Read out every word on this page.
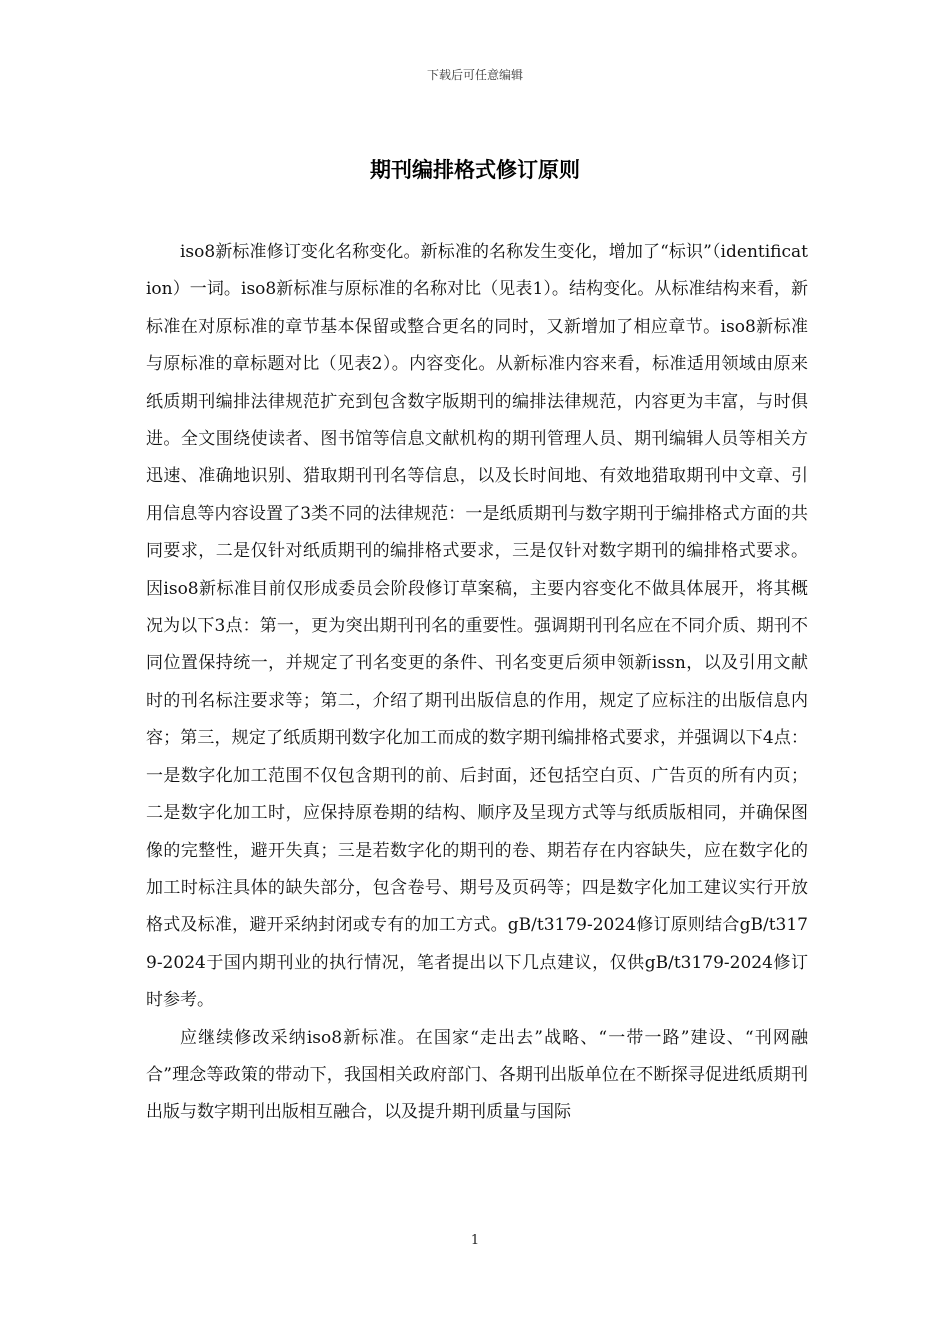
下载后可任意编辑
期刊编排格式修订原则

iso8新标准修订变化名称变化。新标准的名称发生变化，增加了“标识”（identification）一词。iso8新标准与原标准的名称对比（见表1）。结构变化。从标准结构来看，新标准在对原标准的章节基本保留或整合更名的同时，又新增加了相应章节。iso8新标准与原标准的章标题对比（见表2）。内容变化。从新标准内容来看，标准适用领域由原来纸质期刊编排法律规范扩充到包含数字版期刊的编排法律规范，内容更为丰富，与时俱进。全文围绕使读者、图书馆等信息文献机构的期刊管理人员、期刊编辑人员等相关方迅速、准确地识别、猎取期刊刊名等信息，以及长时间地、有效地猎取期刊中文章、引用信息等内容设置了3类不同的法律规范：一是纸质期刊与数字期刊于编排格式方面的共同要求，二是仅针对纸质期刊的编排格式要求，三是仅针对数字期刊的编排格式要求。因iso8新标准目前仅形成委员会阶段修订草案稿，主要内容变化不做具体展开，将其概况为以下3点：第一，更为突出期刊刊名的重要性。强调期刊刊名应在不同介质、期刊不同位置保持统一，并规定了刊名变更的条件、刊名变更后须申领新issn，以及引用文献时的刊名标注要求等；第二，介绍了期刊出版信息的作用，规定了应标注的出版信息内容；第三，规定了纸质期刊数字化加工而成的数字期刊编排格式要求，并强调以下4点：一是数字化加工范围不仅包含期刊的前、后封面，还包括空白页、广告页的所有内页；二是数字化加工时，应保持原卷期的结构、顺序及呈现方式等与纸质版相同，并确保图像的完整性，避开失真；三是若数字化的期刊的卷、期若存在内容缺失，应在数字化的加工时标注具体的缺失部分，包含卷号、期号及页码等；四是数字化加工建议实行开放格式及标准，避开采纳封闭或专有的加工方式。gB/t3179-2024修订原则结合gB/t3179-2024于国内期刊业的执行情况，笔者提出以下几点建议，仅供gB/t3179-2024修订时参考。

应继续修改采纳iso8新标准。在国家“走出去”战略、“一带一路”建设、“刊网融合”理念等政策的带动下，我国相关政府部门、各期刊出版单位在不断探寻促进纸质期刊出版与数字期刊出版相互融合，以及提升期刊质量与国际

1
